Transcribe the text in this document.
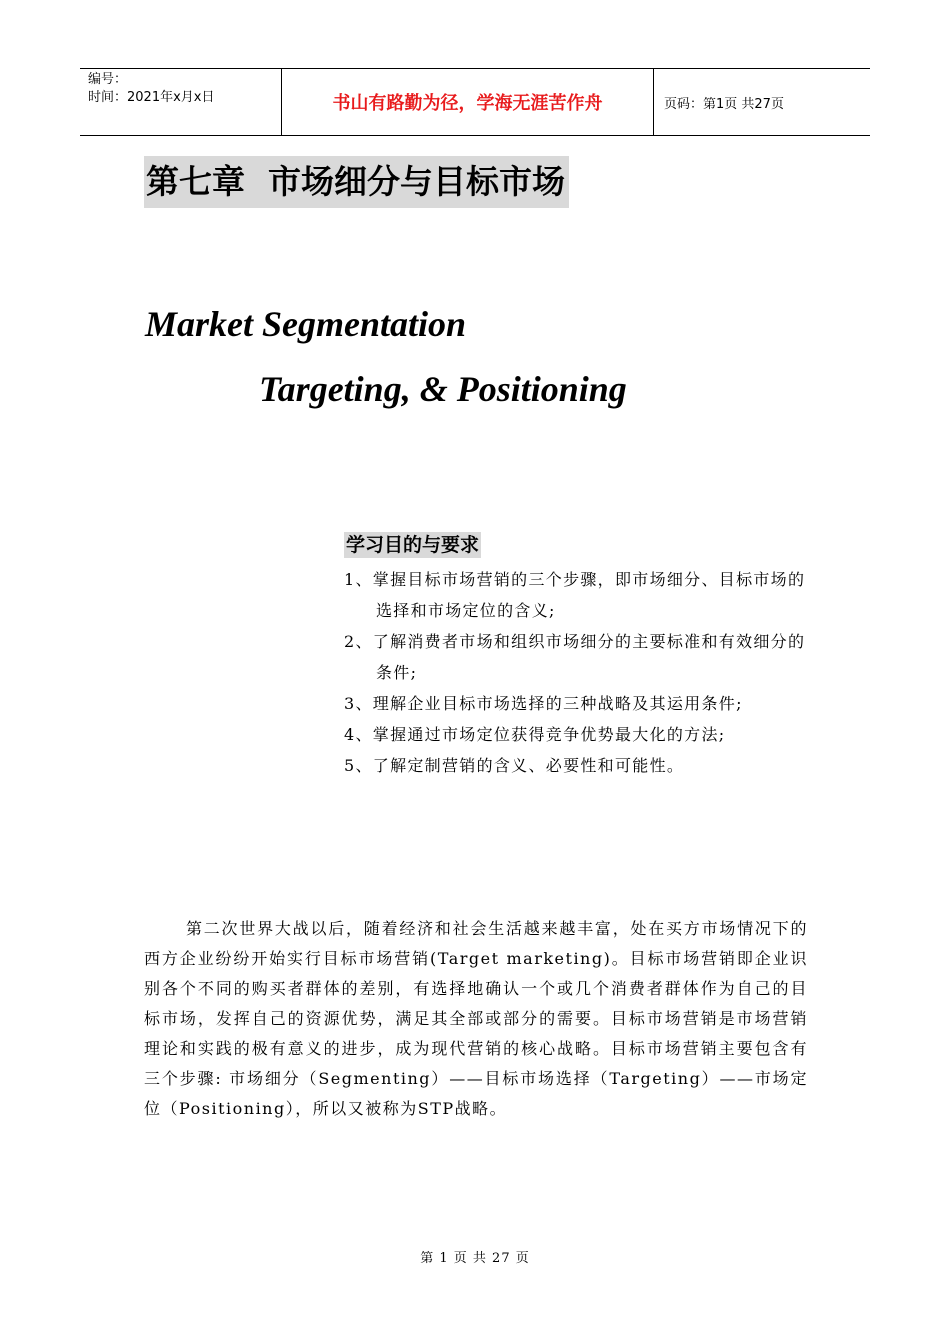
编号：
时间：2021年x月x日	书山有路勤为径，学海无涯苦作舟	页码：第1页 共27页
第七章  市场细分与目标市场
Market Segmentation
Targeting, & Positioning
学习目的与要求
1、掌握目标市场营销的三个步骤，即市场细分、目标市场的选择和市场定位的含义;
2、了解消费者市场和组织市场细分的主要标准和有效细分的条件;
3、理解企业目标市场选择的三种战略及其运用条件;
4、掌握通过市场定位获得竞争优势最大化的方法;
5、了解定制营销的含义、必要性和可能性。

第二次世界大战以后，随着经济和社会生活越来越丰富，处在买方市场情况下的西方企业纷纷开始实行目标市场营销(Target marketing)。目标市场营销即企业识别各个不同的购买者群体的差别，有选择地确认一个或几个消费者群体作为自己的目标市场，发挥自己的资源优势，满足其全部或部分的需要。目标市场营销是市场营销理论和实践的极有意义的进步，成为现代营销的核心战略。目标市场营销主要包含有三个步骤: 市场细分（Segmenting）——目标市场选择（Targeting）——市场定位（Positioning），所以又被称为STP战略。

第 1 页 共 27 页
